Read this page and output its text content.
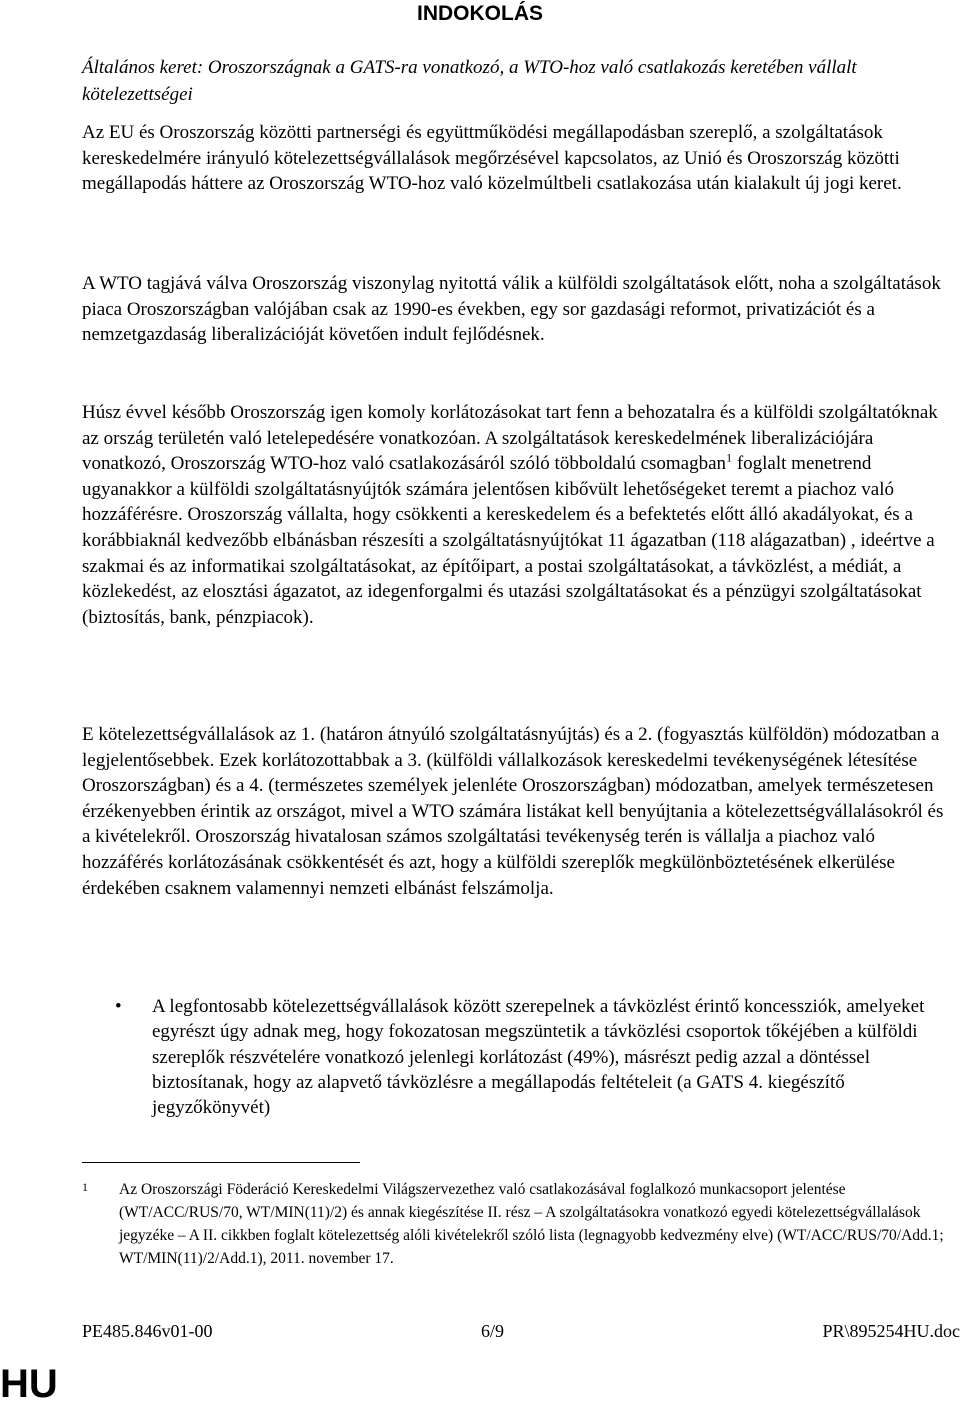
INDOKOLÁS
Általános keret: Oroszországnak a GATS-ra vonatkozó, a WTO-hoz való csatlakozás keretében vállalt kötelezettségei

Az EU és Oroszország közötti partnerségi és együttműködési megállapodásban szereplő, a szolgáltatások kereskedelmére irányuló kötelezettségvállalások megőrzésével kapcsolatos, az Unió és Oroszország közötti megállapodás háttere az Oroszország WTO-hoz való közelmúltbeli csatlakozása után kialakult új jogi keret.

A WTO tagjává válva Oroszország viszonylag nyitottá válik a külföldi szolgáltatások előtt, noha a szolgáltatások piaca Oroszországban valójában csak az 1990-es években, egy sor gazdasági reformot, privatizációt és a nemzetgazdaság liberalizációját követően indult fejlődésnek.

Húsz évvel később Oroszország igen komoly korlátozásokat tart fenn a behozatalra és a külföldi szolgáltatóknak az ország területén való letelepedésére vonatkozóan. A szolgáltatások kereskedelmének liberalizációjára vonatkozó, Oroszország WTO-hoz való csatlakozásáról szóló többoldalú csomagban$^1$ foglalt menetrend ugyanakkor a külföldi szolgáltatásnyújtók számára jelentősen kibővült lehetőségeket teremt a piachoz való hozzáférésre. Oroszország vállalta, hogy csökkenti a kereskedelem és a befektetés előtt álló akadályokat, és a korábbiaknál kedvezőbb elbánásban részesíti a szolgáltatásnyújtókat 11 ágazatban (118 alágazatban) , ideértve a szakmai és az informatikai szolgáltatásokat, az építőipart, a postai szolgáltatásokat, a távközlést, a médiát, a közlekedést, az elosztási ágazatot, az idegenforgalmi és utazási szolgáltatásokat és a pénzügyi szolgáltatásokat (biztosítás, bank, pénzpiacok).

E kötelezettségvállalások az 1. (határon átnyúló szolgáltatásnyújtás) és a 2. (fogyasztás külföldön) módozatban a legjelentősebbek. Ezek korlátozottabbak a 3. (külföldi vállalkozások kereskedelmi tevékenységének létesítése Oroszországban) és a 4. (természetes személyek jelenléte Oroszországban) módozatban, amelyek természetesen érzékenyebben érintik az országot, mivel a WTO számára listákat kell benyújtania a kötelezettségvállalásokról és a kivételekről. Oroszország hivatalosan számos szolgáltatási tevékenység terén is vállalja a piachoz való hozzáférés korlátozásának csökkentését és azt, hogy a külföldi szereplők megkülönböztetésének elkerülése érdekében csaknem valamennyi nemzeti elbánást felszámolja.

• A legfontosabb kötelezettségvállalások között szerepelnek a távközlést érintő koncessziók, amelyeket egyrészt úgy adnak meg, hogy fokozatosan megszüntetik a távközlési csoportok tőkéjében a külföldi szereplők részvételére vonatkozó jelenlegi korlátozást (49%), másrészt pedig azzal a döntéssel biztosítanak, hogy az alapvető távközlésre a megállapodás feltételeit (a GATS 4. kiegészítő jegyzőkönyvét)
1 Az Oroszországi Föderáció Kereskedelmi Világszervezethez való csatlakozásával foglalkozó munkacsoport jelentése (WT/ACC/RUS/70, WT/MIN(11)/2) és annak kiegészítése II. rész – A szolgáltatásokra vonatkozó egyedi kötelezettségvállalások jegyzéke – A II. cikkben foglalt kötelezettség alóli kivételekről szóló lista (legnagyobb kedvezmény elve) (WT/ACC/RUS/70/Add.1; WT/MIN(11)/2/Add.1), 2011. november 17.
PE485.846v01-00	6/9	PR\895254HU.doc
HU
